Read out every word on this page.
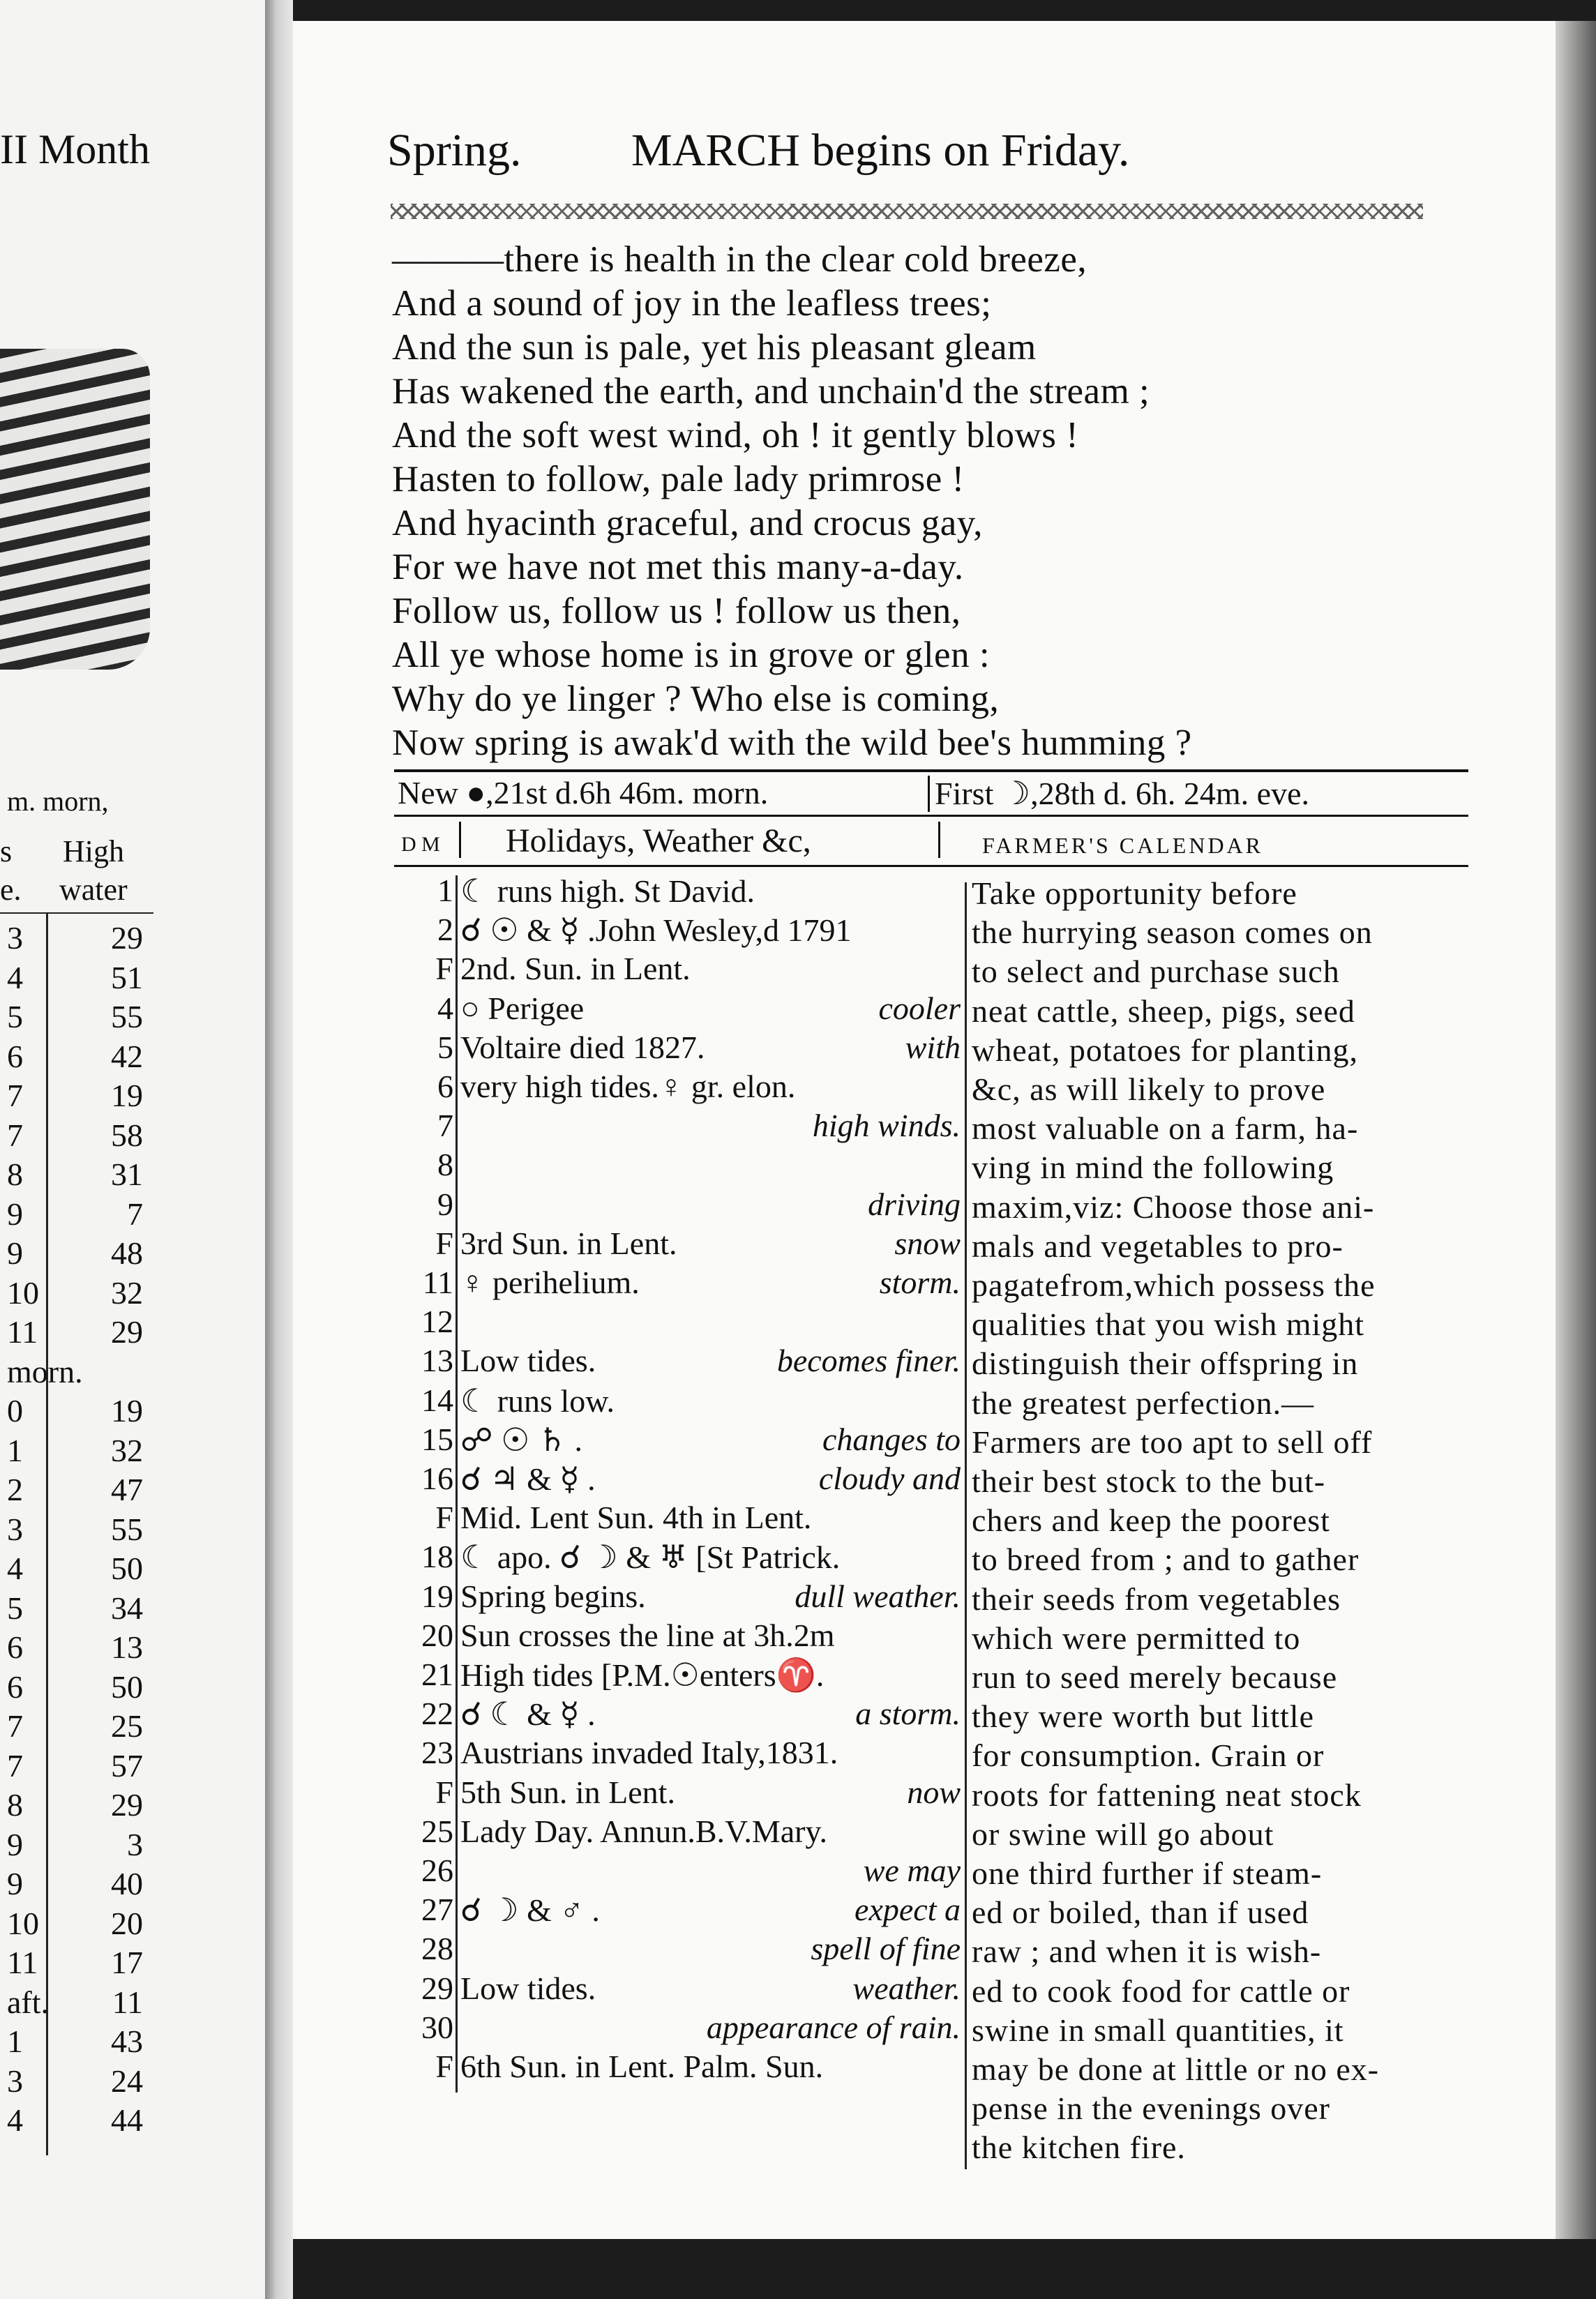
II Month
m. morn,
s
e.
High
water
3	29
4	51
5	55
6	42
7	19
7	58
8	31
9	7
9	48
10	32
11	29
morn.
0	19
1	32
2	47
3	55
4	50
5	34
6	13
6	50
7	25
7	57
8	29
9	3
9	40
10	20
11	17
aft.	11
1	43
3	24
4	44
Spring. MARCH begins on Friday.
———there is health in the clear cold breeze,
And a sound of joy in the leafless trees;
And the sun is pale, yet his pleasant gleam
Has wakened the earth, and unchain'd the stream ;
And the soft west wind, oh ! it gently blows !
Hasten to follow, pale lady primrose !
And hyacinth graceful, and crocus gay,
For we have not met this many-a-day.
Follow us, follow us ! follow us then,
All ye whose home is in grove or glen :
Why do ye linger ? Who else is coming,
Now spring is awak'd with the wild bee's humming ?
New ●,21st d.6h 46m. morn.	First ☽,28th d. 6h. 24m. eve.
D M Holidays, Weather &c,	FARMER'S CALENDAR
1 ☾ runs high. St David.
2 ☌ ☉ & ☿ .John Wesley,d 1791
F 2nd. Sun. in Lent.
4 ○ Perigee	cooler
5 Voltaire died 1827.	with
6 very high tides.♀ gr. elon.
7	high winds.
8
9	driving
F 3rd Sun. in Lent.	snow
11 ♀ perihelium.	storm.
12
13 Low tides.	becomes finer.
14 ☾ runs low.
15 ☍ ☉ ♄ .	changes to
16 ☌ ♃ & ☿ .	cloudy and
F Mid. Lent Sun. 4th in Lent.
18 ☾ apo. ☌ ☽ & ♅ [St Patrick.
19 Spring begins.	dull weather.
20 Sun crosses the line at 3h.2m
21 High tides [P.M.☉enters♈.
22 ☌ ☾ & ☿ .	a storm.
23 Austrians invaded Italy,1831.
F 5th Sun. in Lent.	now
25 Lady Day. Annun.B.V.Mary.
26	we may
27 ☌ ☽ & ♂ .	expect a
28	spell of fine
29 Low tides.	weather.
30	appearance of rain.
F 6th Sun. in Lent. Palm. Sun.
Take opportunity before
the hurrying season comes on
to select and purchase such
neat cattle, sheep, pigs, seed
wheat, potatoes for planting,
&c, as will likely to prove
most valuable on a farm, ha-
ving in mind the following
maxim,viz: Choose those ani-
mals and vegetables to pro-
pagatefrom,which possess the
qualities that you wish might
distinguish their offspring in
the greatest perfection.—
Farmers are too apt to sell off
their best stock to the but-
chers and keep the poorest
to breed from ; and to gather
their seeds from vegetables
which were permitted to
run to seed merely because
they were worth but little
for consumption. Grain or
roots for fattening neat stock
or swine will go about
one third further if steam-
ed or boiled, than if used
raw ; and when it is wish-
ed to cook food for cattle or
swine in small quantities, it
may be done at little or no ex-
pense in the evenings over
the kitchen fire.
